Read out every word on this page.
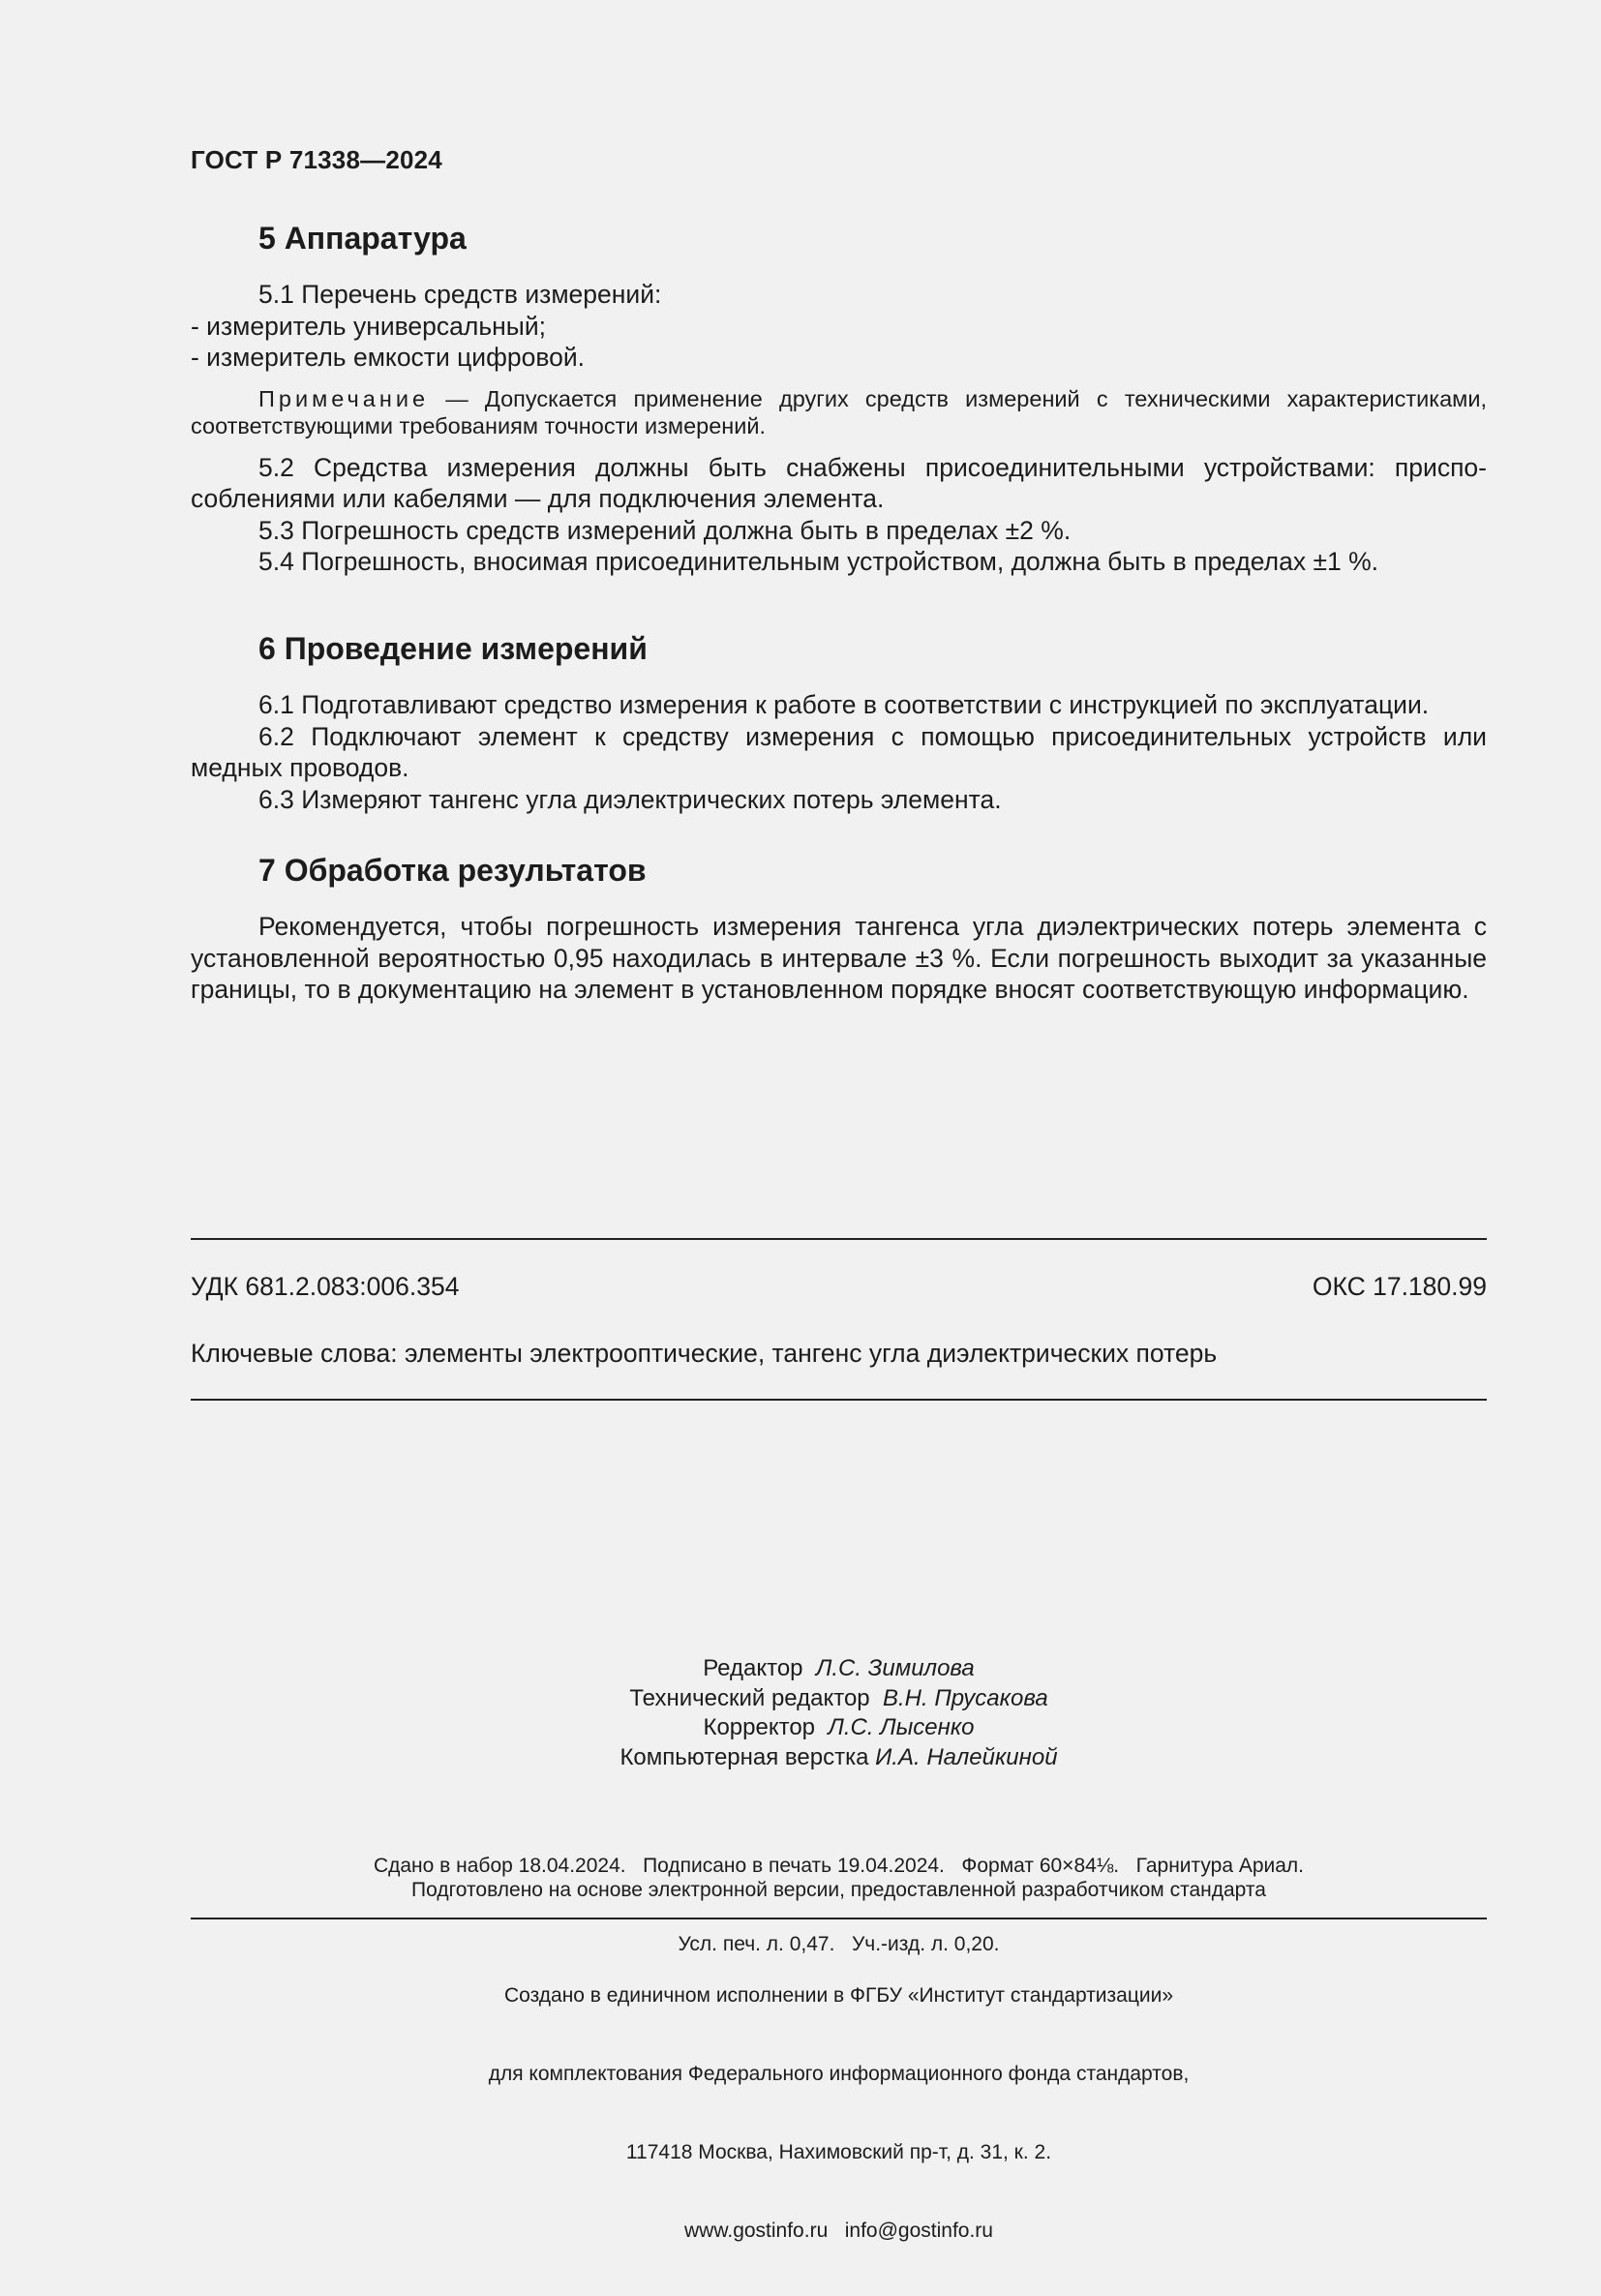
ГОСТ Р 71338—2024
5 Аппаратура

5.1 Перечень средств измерений:

- измеритель универсальный;

- измеритель емкости цифровой.

Примечание — Допускается применение других средств измерений с техническими характеристиками, соответствующими требованиям точности измерений.

5.2 Средства измерения должны быть снабжены присоединительными устройствами: приспособлениями или кабелями — для подключения элемента.

5.3 Погрешность средств измерений должна быть в пределах ±2 %.

5.4 Погрешность, вносимая присоединительным устройством, должна быть в пределах ±1 %.

6 Проведение измерений

6.1 Подготавливают средство измерения к работе в соответствии с инструкцией по эксплуатации.

6.2 Подключают элемент к средству измерения с помощью присоединительных устройств или медных проводов.

6.3 Измеряют тангенс угла диэлектрических потерь элемента.

7 Обработка результатов

Рекомендуется, чтобы погрешность измерения тангенса угла диэлектрических потерь элемента с установленной вероятностью 0,95 находилась в интервале ±3 %. Если погрешность выходит за указанные границы, то в документацию на элемент в установленном порядке вносят соответствующую информацию.

УДК 681.2.083:006.354	ОКС 17.180.99
Ключевые слова: элементы электрооптические, тангенс угла диэлектрических потерь
Редактор Л.С. Зимилова
Технический редактор В.Н. Прусакова
Корректор Л.С. Лысенко
Компьютерная верстка И.А. Налейкиной

Сдано в набор 18.04.2024.   Подписано в печать 19.04.2024.   Формат 60×84⅛.   Гарнитура Ариал.

Усл. печ. л. 0,47.   Уч.-изд. л. 0,20.

Подготовлено на основе электронной версии, предоставленной разработчиком стандарта

Создано в единичном исполнении в ФГБУ «Институт стандартизации»

для комплектования Федерального информационного фонда стандартов,

117418 Москва, Нахимовский пр-т, д. 31, к. 2.

www.gostinfo.ru   info@gostinfo.ru
